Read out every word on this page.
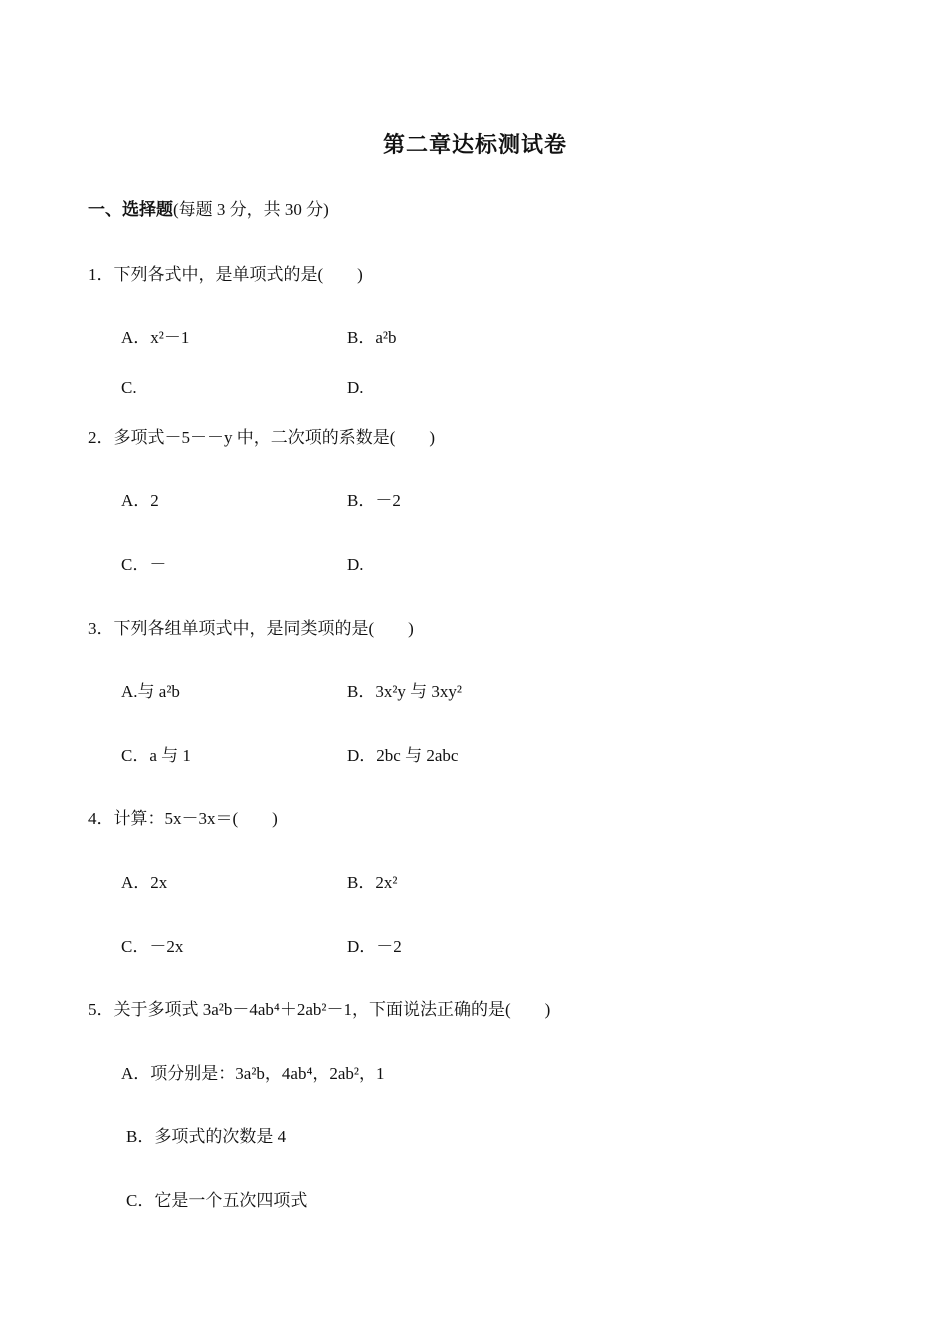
第二章达标测试卷
一、选择题(每题 3 分，共 30 分)
1．下列各式中，是单项式的是(　　)
A．x²－1	B．a²b
C.	D.
2．多项式－5－－y 中，二次项的系数是(　　)
A．2	B．－2
C．－	D.
3．下列各组单项式中，是同类项的是(　　)
A.与 a²b	B．3x²y 与 3xy²
C．a 与 1	D．2bc 与 2abc
4．计算：5x－3x＝(　　)
A．2x	B．2x²
C．－2x	D．－2
5．关于多项式 3a²b－4ab⁴＋2ab²－1，下面说法正确的是(　　)
A．项分别是：3a²b，4ab⁴，2ab²，1
B．多项式的次数是 4
C．它是一个五次四项式
